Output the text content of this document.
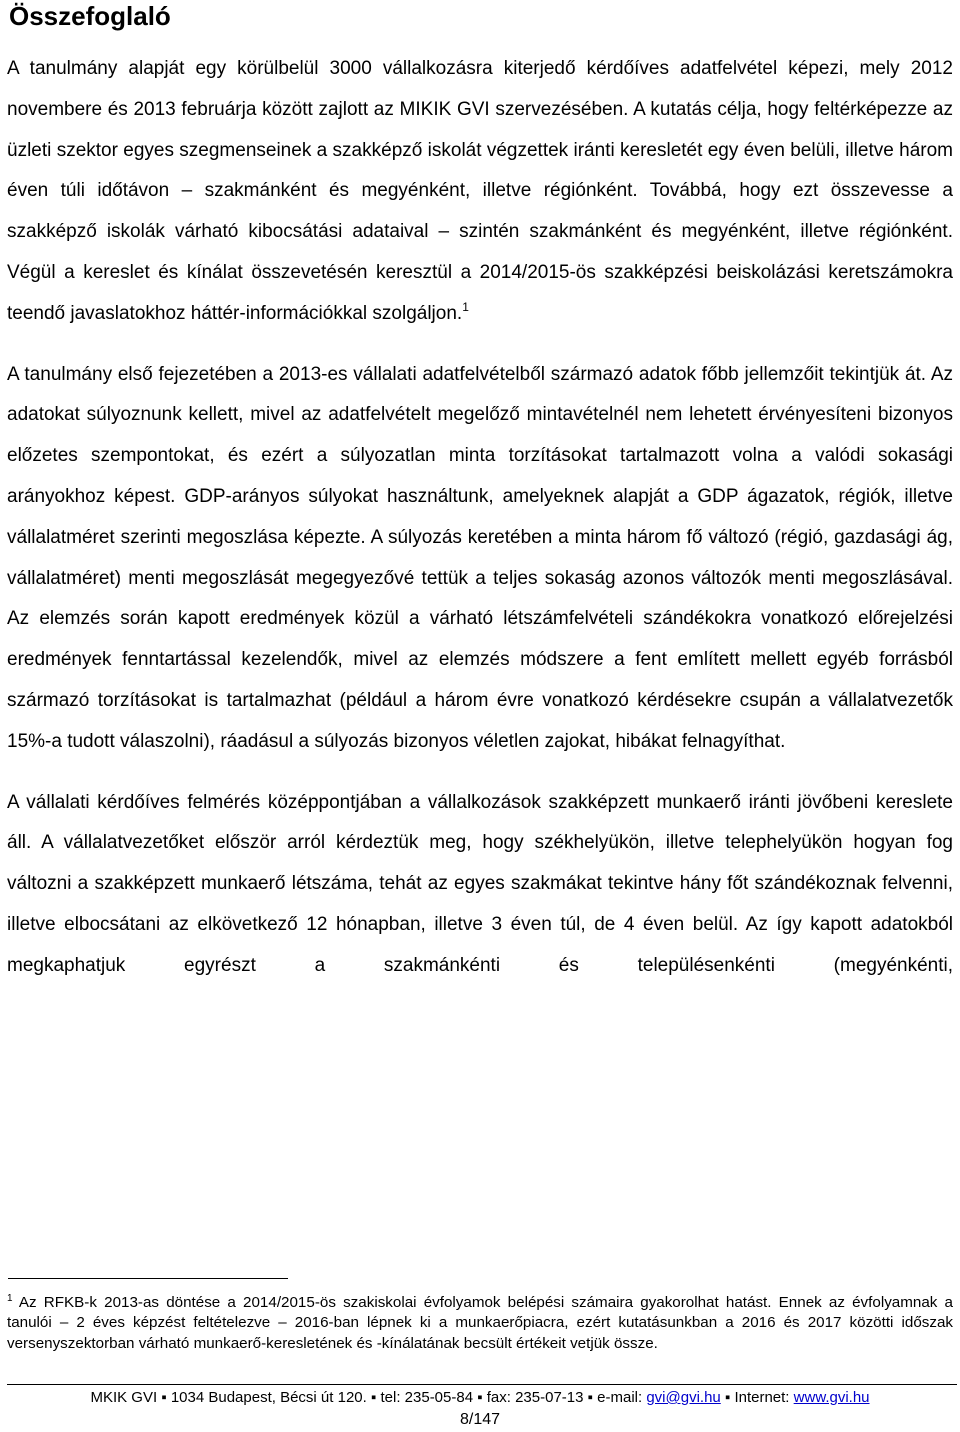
Összefoglaló

A tanulmány alapját egy körülbelül 3000 vállalkozásra kiterjedő kérdőíves adatfelvétel képezi, mely 2012 novembere és 2013 februárja között zajlott az MIKIK GVI szervezésében. A kutatás célja, hogy feltérképezze az üzleti szektor egyes szegmenseinek a szakképző iskolát végzettek iránti keresletét egy éven belüli, illetve három éven túli időtávon – szakmánként és megyénként, illetve régiónként. Továbbá, hogy ezt összevesse a szakképző iskolák várható kibocsátási adataival – szintén szakmánként és megyénként, illetve régiónként. Végül a kereslet és kínálat összevetésén keresztül a 2014/2015-ös szakképzési beiskolázási keretszámokra teendő javaslatokhoz háttér-információkkal szolgáljon.$^1$

A tanulmány első fejezetében a 2013-es vállalati adatfelvételből származó adatok főbb jellemzőit tekintjük át. Az adatokat súlyoznunk kellett, mivel az adatfelvételt megelőző mintavételnél nem lehetett érvényesíteni bizonyos előzetes szempontokat, és ezért a súlyozatlan minta torzításokat tartalmazott volna a valódi sokasági arányokhoz képest. GDP-arányos súlyokat használtunk, amelyeknek alapját a GDP ágazatok, régiók, illetve vállalatméret szerinti megoszlása képezte. A súlyozás keretében a minta három fő változó (régió, gazdasági ág, vállalatméret) menti megoszlását megegyezővé tettük a teljes sokaság azonos változók menti megoszlásával. Az elemzés során kapott eredmények közül a várható létszámfelvételi szándékokra vonatkozó előrejelzési eredmények fenntartással kezelendők, mivel az elemzés módszere a fent említett mellett egyéb forrásból származó torzításokat is tartalmazhat (például a három évre vonatkozó kérdésekre csupán a vállalatvezetők 15%-a tudott válaszolni), ráadásul a súlyozás bizonyos véletlen zajokat, hibákat felnagyíthat.

A vállalati kérdőíves felmérés középpontjában a vállalkozások szakképzett munkaerő iránti jövőbeni kereslete áll. A vállalatvezetőket először arról kérdeztük meg, hogy székhelyükön, illetve telephelyükön hogyan fog változni a szakképzett munkaerő létszáma, tehát az egyes szakmákat tekintve hány főt szándékoznak felvenni, illetve elbocsátani az elkövetkező 12 hónapban, illetve 3 éven túl, de 4 éven belül. Az így kapott adatokból megkaphatjuk egyrészt a szakmánkénti és településenkénti (megyénkénti,

$^1$ Az RFKB-k 2013-as döntése a 2014/2015-ös szakiskolai évfolyamok belépési számaira gyakorolhat hatást. Ennek az évfolyamnak a tanulói – 2 éves képzést feltételezve – 2016-ban lépnek ki a munkaerőpiacra, ezért kutatásunkban a 2016 és 2017 közötti időszak versenyszektorban várható munkaerő-keresletének és -kínálatának becsült értékeit vetjük össze.

MKIK GVI ▪ 1034 Budapest, Bécsi út 120. ▪ tel: 235-05-84 ▪ fax: 235-07-13 ▪ e-mail: gvi@gvi.hu ▪ Internet: www.gvi.hu
8/147
